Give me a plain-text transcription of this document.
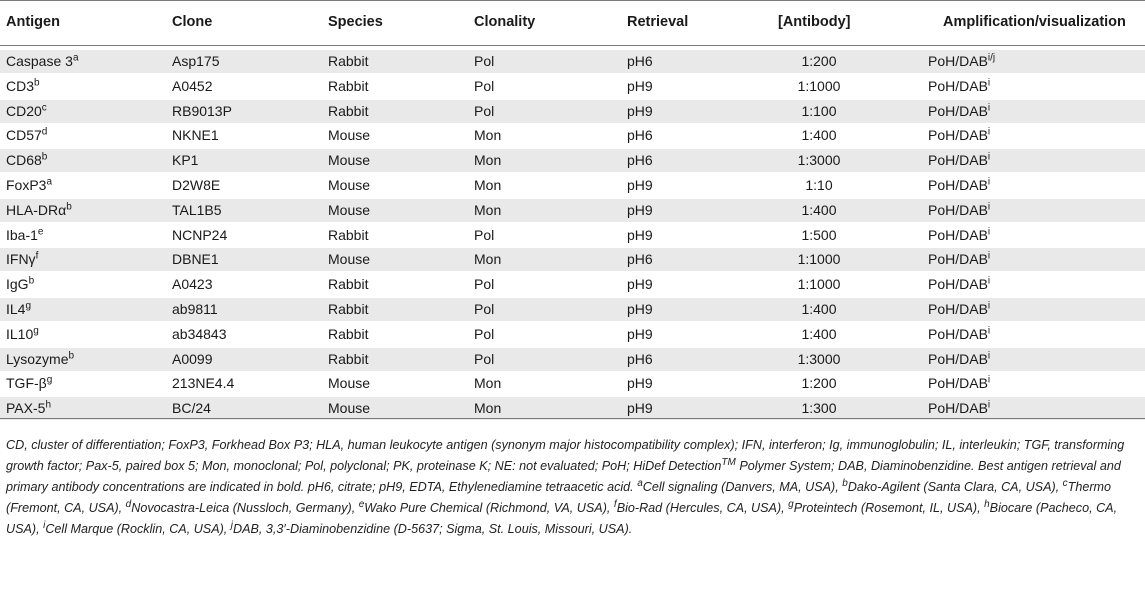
Antigen	Clone	Species	Clonality	Retrieval	[Antibody]	Amplification/visualization
Caspase 3$^a$	Asp175	Rabbit	Pol	pH6	1:200	PoH/$DAB^{i/j}$
CD3$^b$	A0452	Rabbit	Pol	pH9	1:1000	PoH/DAB$^i$
CD20$^c$	RB9013P	Rabbit	Pol	pH9	1:100	PoH/DAB$^i$
CD57$^d$	NKNE1	Mouse	Mon	pH6	1:400	PoH/DAB$^i$
CD68$^b$	KP1	Mouse	Mon	pH6	1:3000	PoH/DAB$^i$
FoxP3$^a$	D2W8E	Mouse	Mon	pH9	1:10	PoH/DAB$^i$
HLA-DRα$^b$	TAL1B5	Mouse	Mon	pH9	1:400	PoH/DAB$^i$
Iba-1e	NCNP24	Rabbit	Pol	pH9	1:500	PoH/DAB$^i$
IFNγ$^f$	DBNE1	Mouse	Mon	pH6	1:1000	PoH/DAB$^i$
IgG$^b$	A0423	Rabbit	Pol	pH9	1:1000	PoH/DAB$^i$
IL4$^g$	ab9811	Rabbit	Pol	pH9	1:400	PoH/DAB$^i$
IL10$^g$	ab34843	Rabbit	Pol	pH9	1:400	PoH/DAB$^i$
Lysozyme$^b$	A0099	Rabbit	Pol	pH6	1:3000	PoH/DAB$^i$
TGF-$\beta^g$	213NE4.4	Mouse	Mon	pH9	1:200	PoH/DAB$^i$
PAX-5$^h$	BC/24	Mouse	Mon	pH9	1:300	PoH/DAB$^i$
CD, cluster of differentiation; FoxP3, Forkhead Box P3; HLA, human leukocyte antigen (synonym major histocompatibility complex); IFN, interferon; Ig, immunoglobulin; IL, interleukin; TGF, transforming growth factor; Pax-5, paired box 5; Mon, monoclonal; Pol, polyclonal; PK, proteinase K; NE: not evaluated; PoH; HiDef Detection™ Polymer System; DAB, Diaminobenzidine. Best antigen retrieval and primary antibody concentrations are indicated in bold. pH6, citrate; pH9, EDTA, Ethylenediamine tetraacetic acid. $^a$Cell signaling (Danvers, MA, USA), $^b$Dako-Agilent (Santa Clara, CA, USA), $^c$Thermo (Fremont, CA, USA), $^d$Novocastra-Leica (Nussloch, Germany), $^e$Wako Pure Chemical (Richmond, VA, USA), $^f$Bio-Rad (Hercules, CA, USA), $^g$Proteintech (Rosemont, IL, USA), $^h$Biocare (Pacheco, CA, USA), $^i$Cell Marque (Rocklin, CA, USA), $^j$DAB, 3,3′-Diaminobenzidine (D-5637; Sigma, St. Louis, Missouri, USA).
